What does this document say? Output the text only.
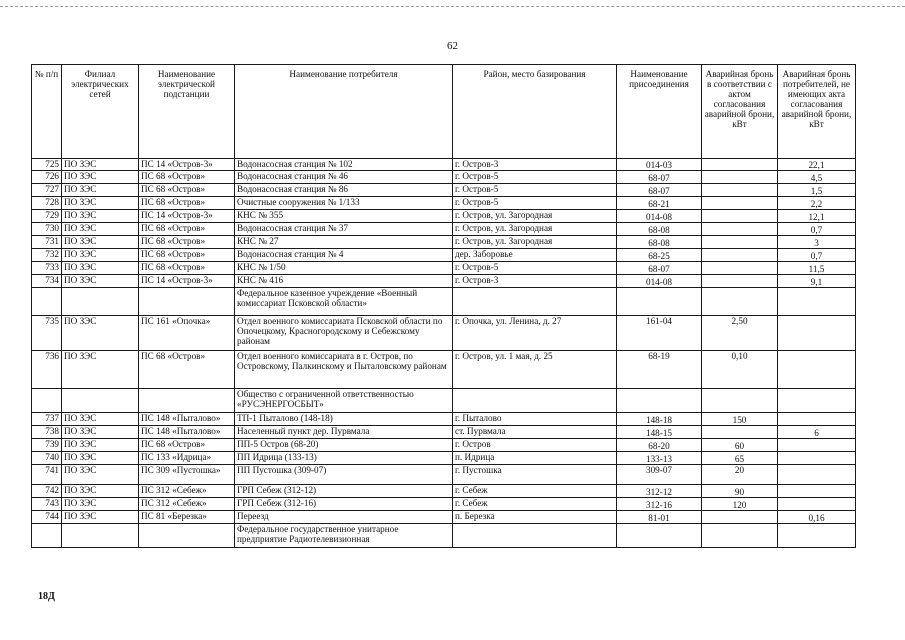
62
№ п/п	Филиал электрических сетей	Наименование электрической подстанции	Наименование потребителя	Район, место базирования	Наименование присоединения	Аварийная бронь в соответствии с актом согласования аварийной брони, кВт	Аварийная бронь потребителей, не имеющих акта согласования аварийной брони, кВт
725	ПО ЗЭС	ПС 14 «Остров-3»	Водонасосная станция № 102	г. Остров-3	014-03		22,1
726	ПО ЗЭС	ПС 68 «Остров»	Водонасосная станция № 46	г. Остров-5	68-07		4,5
727	ПО ЗЭС	ПС 68 «Остров»	Водонасосная станция № 86	г. Остров-5	68-07		1,5
728	ПО ЗЭС	ПС 68 «Остров»	Очистные сооружения № 1/133	г. Остров-5	68-21		2,2
729	ПО ЗЭС	ПС 14 «Остров-3»	КНС № 355	г. Остров, ул. Загородная	014-08		12,1
730	ПО ЗЭС	ПС 68 «Остров»	Водонасосная станция № 37	г. Остров, ул. Загородная	68-08		0,7
731	ПО ЗЭС	ПС 68 «Остров»	КНС № 27	г. Остров, ул. Загородная	68-08		3
732	ПО ЗЭС	ПС 68 «Остров»	Водонасосная станция № 4	дер. Заборовье	68-25		0,7
733	ПО ЗЭС	ПС 68 «Остров»	КНС № 1/50	г. Остров-5	68-07		11,5
734	ПО ЗЭС	ПС 14 «Остров-3»	КНС № 416	г. Остров-3	014-08		9,1
			Федеральное казенное учреждение «Военный комиссариат Псковской области»				
735	ПО ЗЭС	ПС 161 «Опочка»	Отдел военного комиссариата Псковской области по Опочецкому, Красногородскому и Себежскому районам	г. Опочка, ул. Ленина, д. 27	161-04	2,50	
736	ПО ЗЭС	ПС 68 «Остров»	Отдел военного комиссариата в г. Остров, по Островскому, Палкинскому и Пыталовскому районам	г. Остров, ул. 1 мая, д. 25	68-19	0,10	
			Общество с ограниченной ответственностью «РУСЭНЕРГОСБЫТ»				
737	ПО ЗЭС	ПС 148 «Пыталово»	ТП-1 Пыталово (148-18)	г. Пыталово	148-18	150	
738	ПО ЗЭС	ПС 148 «Пыталово»	Населенный пункт дер. Пурвмала	ст. Пурвмала	148-15		6
739	ПО ЗЭС	ПС 68 «Остров»	ПП-5 Остров (68-20)	г. Остров	68-20	60	
740	ПО ЗЭС	ПС 133 «Идрица»	ПП Идрица (133-13)	п. Идрица	133-13	65	
741	ПО ЗЭС	ПС 309 «Пустошка»	ПП Пустошка (309-07)	г. Пустошка	309-07	20	
742	ПО ЗЭС	ПС 312 «Себеж»	ГРП Себеж (312-12)	г. Себеж	312-12	90	
743	ПО ЗЭС	ПС 312 «Себеж»	ГРП Себеж (312-16)	г. Себеж	312-16	120	
744	ПО ЗЭС	ПС 81 «Березка»	Переезд	п. Березка	81-01		0,16
			Федеральное государственное унитарное предприятие Радиотелевизионная				
18Д
